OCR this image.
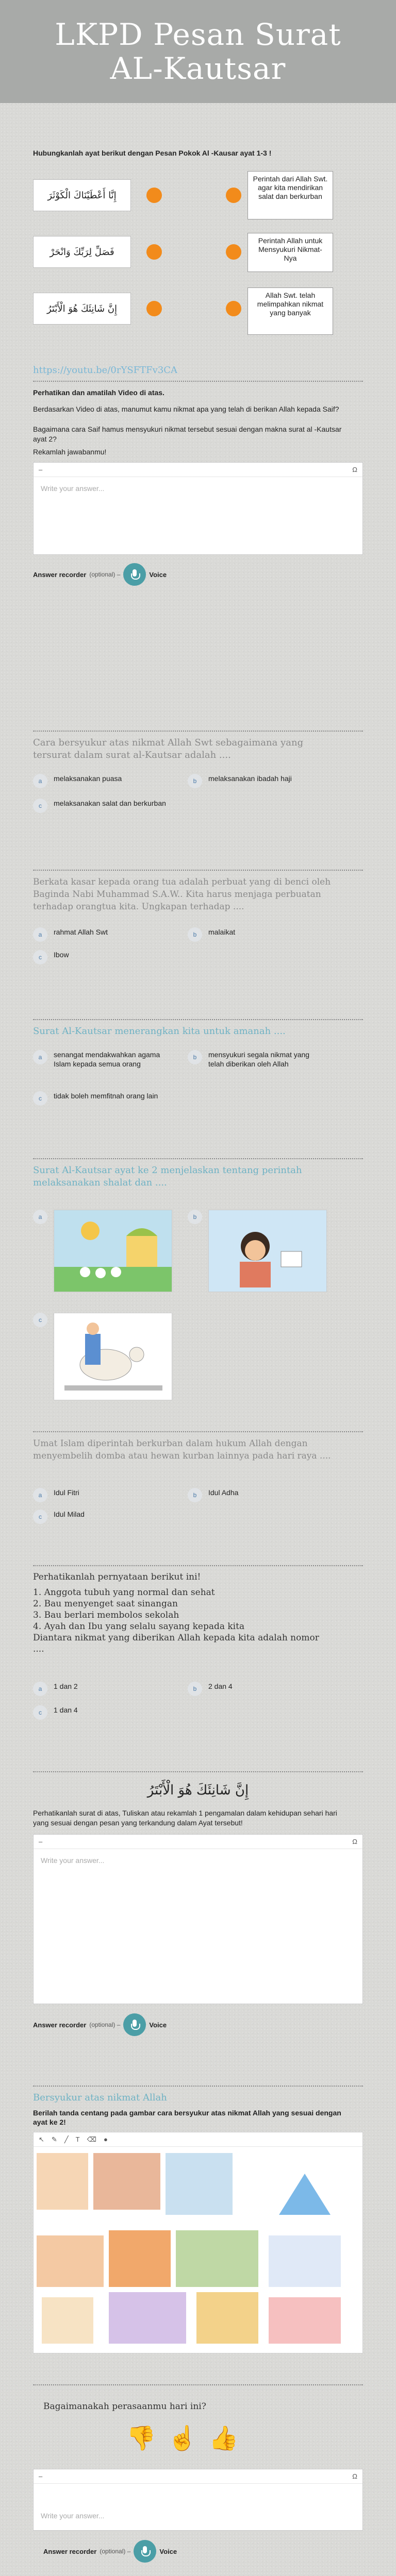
LKPD Pesan Surat AL-Kautsar
Hubungkanlah ayat berikut dengan Pesan Pokok Al -Kausar ayat 1-3 !
إِنَّا أَعْطَيْنَاكَ الْكَوْثَرَ
Perintah dari Allah Swt. agar kita mendirikan salat dan berkurban
فَصَلِّ لِرَبِّكَ وَانْحَرْ
Perintah Allah untuk Mensyukuri Nikmat-Nya
إِنَّ شَانِئَكَ هُوَ الْأَبْتَرُ
Allah Swt. telah melimpahkan nikmat yang banyak
https://youtu.be/0rYSFTFv3CA
Perhatikan dan amatilah Video di atas.
Berdasarkan Video di atas, manumut kamu nikmat apa yang telah di berikan Allah kepada Saif?
Bagaimana cara Saif hamus mensyukuri nikmat tersebut sesuai dengan makna surat al -Kautsar ayat 2?
Rekamlah jawabanmu!
–	Ω
Write your answer...
Answer recorder (optional) –	Voice
Cara bersyukur atas nikmat Allah Swt sebagaimana yang tersurat dalam surat al-Kautsar adalah ....
a	melaksanakan puasa	b	melaksanakan ibadah haji
c	melaksanakan salat dan berkurban
Berkata kasar kepada orang tua adalah perbuat yang di benci oleh Baginda Nabi Muhammad S.A.W.. Kita harus menjaga perbuatan terhadap orangtua kita. Ungkapan terhadap ....
a	rahmat Allah Swt	b	malaikat
c	Ibow
Surat Al-Kautsar menerangkan kita untuk amanah ....
a	senangat mendakwahkan agama Islam kepada semua orang
b	mensyukuri segala nikmat yang telah diberikan oleh Allah
c	tidak boleh memfitnah orang lain
Surat Al-Kautsar ayat ke 2 menjelaskan tentang perintah melaksanakan shalat dan ....
a	b
c
Umat Islam diperintah berkurban dalam hukum Allah dengan menyembelih domba atau hewan kurban lainnya pada hari raya ....
a	Idul Fitri	b	Idul Adha
c	Idul Milad
Perhatikanlah pernyataan berikut ini!
1. Anggota tubuh yang normal dan sehat
2. Bau menyenget saat sinangan
3. Bau berlari membolos sekolah
4. Ayah dan Ibu yang selalu sayang kepada kita
Diantara nikmat yang diberikan Allah kepada kita adalah nomor ....
a	1 dan 2	b	2 dan 4
c	1 dan 4
إِنَّ شَانِئَكَ هُوَ الْأَبْتَرُ
Perhatikanlah surat di atas, Tuliskan atau rekamlah 1 pengamalan dalam kehidupan sehari hari yang sesuai dengan pesan yang terkandung dalam Ayat tersebut!
–	Ω
Write your answer...
Answer recorder (optional) –	Voice
Bersyukur atas nikmat Allah
Berilah tanda centang pada gambar cara bersyukur atas nikmat Allah yang sesuai dengan ayat ke 2!
↖ ✎ ╱ T ⌫ ●
Bagaimanakah perasaanmu hari ini?
👎 ☝ 👍
–	Ω
Write your answer...
Answer recorder (optional) –	Voice
